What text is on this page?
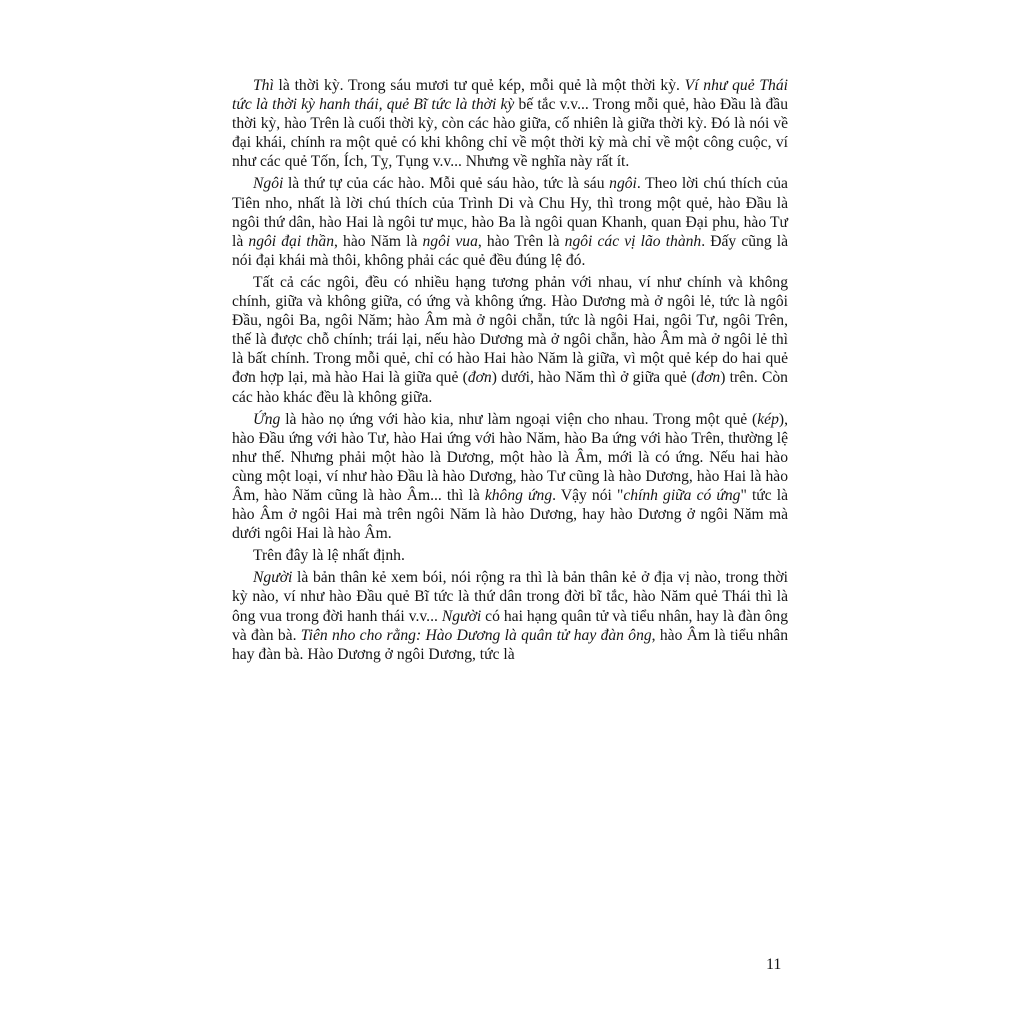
Thì là thời kỳ. Trong sáu mươi tư quẻ kép, mỗi quẻ là một thời kỳ. Ví như quẻ Thái tức là thời kỳ hanh thái, quẻ Bĩ tức là thời kỳ bế tắc v.v... Trong mỗi quẻ, hào Đầu là đầu thời kỳ, hào Trên là cuối thời kỳ, còn các hào giữa, cố nhiên là giữa thời kỳ. Đó là nói về đại khái, chính ra một quẻ có khi không chỉ về một thời kỳ mà chỉ về một công cuộc, ví như các quẻ Tốn, Ích, Tỵ, Tụng v.v... Nhưng về nghĩa này rất ít.

Ngôi là thứ tự của các hào. Mỗi quẻ sáu hào, tức là sáu ngôi. Theo lời chú thích của Tiên nho, nhất là lời chú thích của Trình Di và Chu Hy, thì trong một quẻ, hào Đầu là ngôi thứ dân, hào Hai là ngôi tư mục, hào Ba là ngôi quan Khanh, quan Đại phu, hào Tư là ngôi đại thần, hào Năm là ngôi vua, hào Trên là ngôi các vị lão thành. Đấy cũng là nói đại khái mà thôi, không phải các quẻ đều đúng lệ đó.

Tất cả các ngôi, đều có nhiều hạng tương phản với nhau, ví như chính và không chính, giữa và không giữa, có ứng và không ứng. Hào Dương mà ở ngôi lẻ, tức là ngôi Đầu, ngôi Ba, ngôi Năm; hào Âm mà ở ngôi chẵn, tức là ngôi Hai, ngôi Tư, ngôi Trên, thế là được chỗ chính; trái lại, nếu hào Dương mà ở ngôi chẵn, hào Âm mà ở ngôi lẻ thì là bất chính. Trong mỗi quẻ, chỉ có hào Hai hào Năm là giữa, vì một quẻ kép do hai quẻ đơn hợp lại, mà hào Hai là giữa quẻ (đơn) dưới, hào Năm thì ở giữa quẻ (đơn) trên. Còn các hào khác đều là không giữa.

Ứng là hào nọ ứng với hào kia, như làm ngoại viện cho nhau. Trong một quẻ (kép), hào Đầu ứng với hào Tư, hào Hai ứng với hào Năm, hào Ba ứng với hào Trên, thường lệ như thế. Nhưng phải một hào là Dương, một hào là Âm, mới là có ứng. Nếu hai hào cùng một loại, ví như hào Đầu là hào Dương, hào Tư cũng là hào Dương, hào Hai là hào Âm, hào Năm cũng là hào Âm... thì là không ứng. Vậy nói "chính giữa có ứng" tức là hào Âm ở ngôi Hai mà trên ngôi Năm là hào Dương, hay hào Dương ở ngôi Năm mà dưới ngôi Hai là hào Âm.

Trên đây là lệ nhất định.

Người là bản thân kẻ xem bói, nói rộng ra thì là bản thân kẻ ở địa vị nào, trong thời kỳ nào, ví như hào Đầu quẻ Bĩ tức là thứ dân trong đời bĩ tắc, hào Năm quẻ Thái thì là ông vua trong đời hanh thái v.v... Người có hai hạng quân tử và tiểu nhân, hay là đàn ông và đàn bà. Tiên nho cho rằng: Hào Dương là quân tử hay đàn ông, hào Âm là tiểu nhân hay đàn bà. Hào Dương ở ngôi Dương, tức là

11
